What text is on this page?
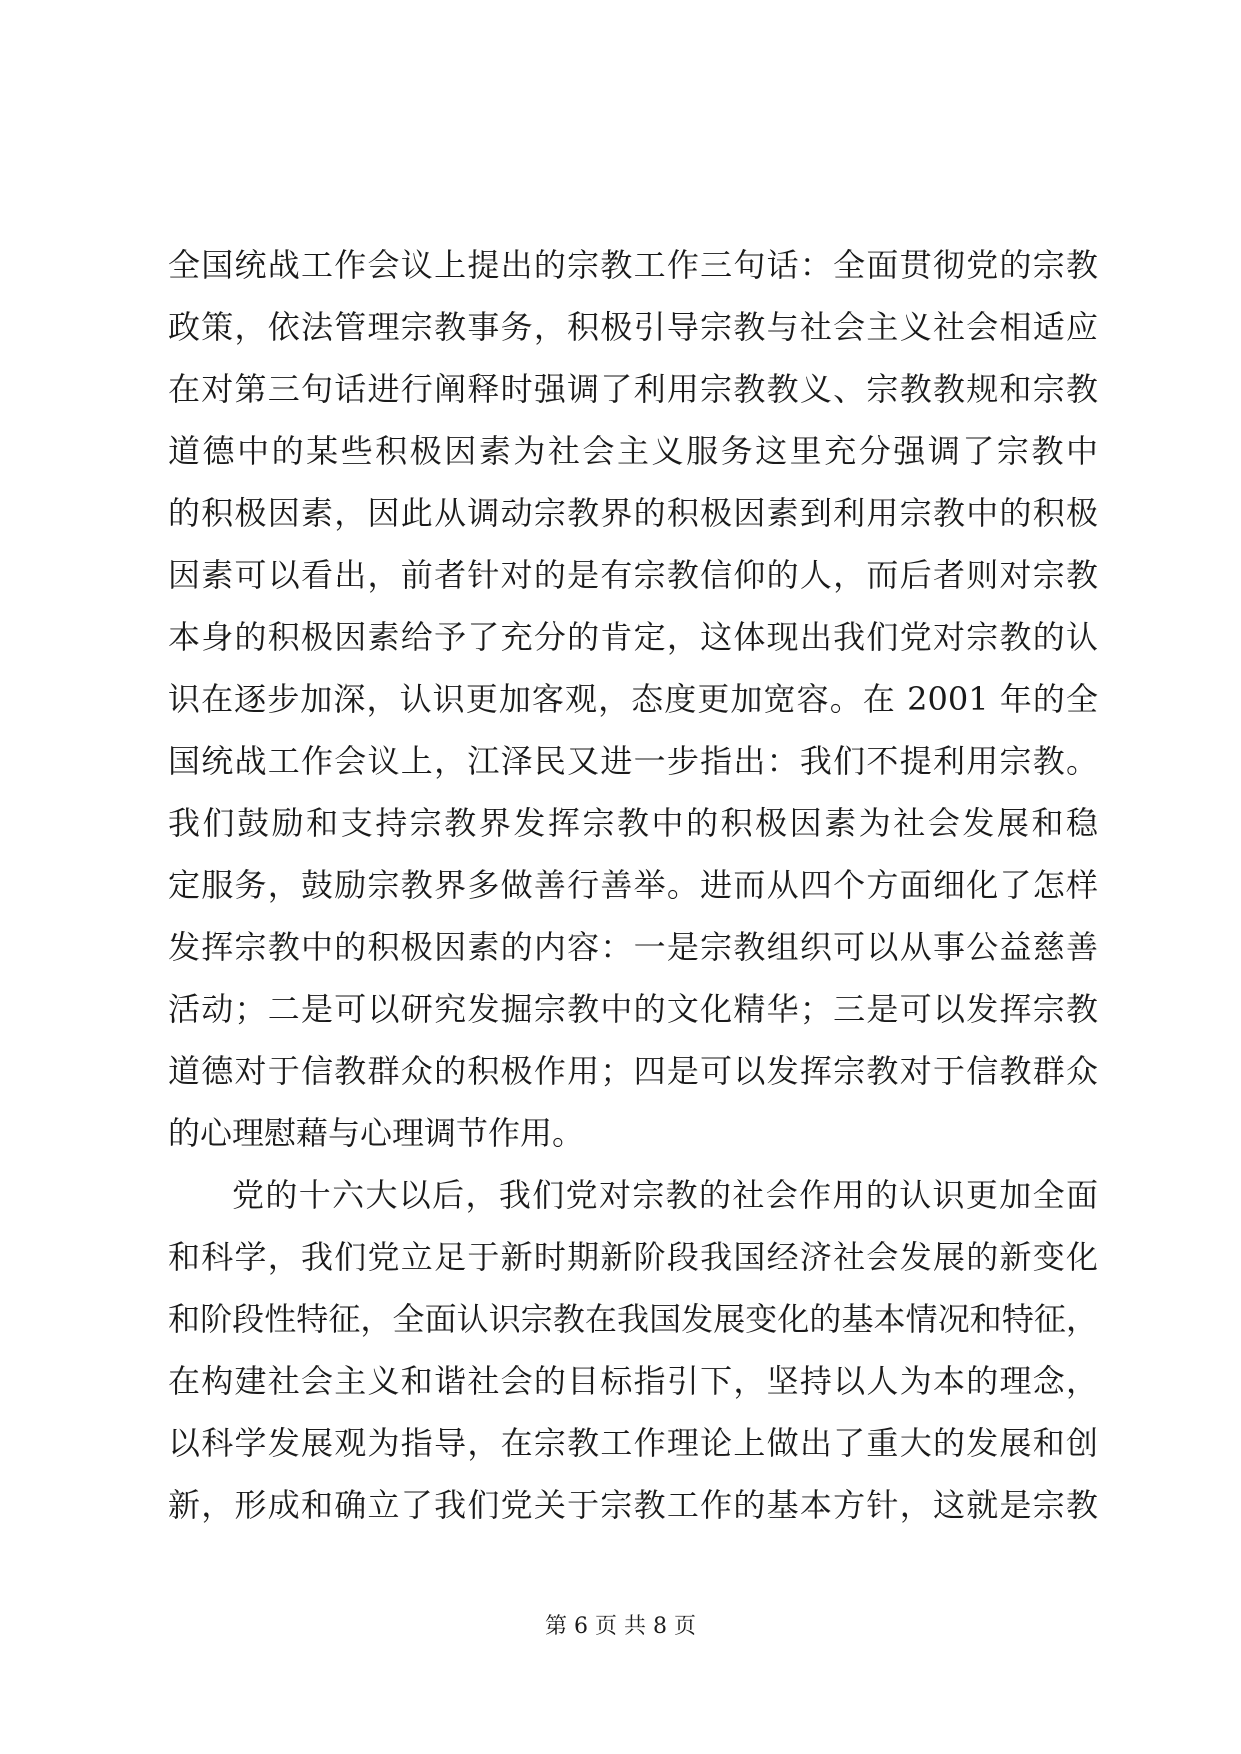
全国统战工作会议上提出的宗教工作三句话：全面贯彻党的宗教
政策，依法管理宗教事务，积极引导宗教与社会主义社会相适应
在对第三句话进行阐释时强调了利用宗教教义、宗教教规和宗教
道德中的某些积极因素为社会主义服务这里充分强调了宗教中
的积极因素，因此从调动宗教界的积极因素到利用宗教中的积极
因素可以看出，前者针对的是有宗教信仰的人，而后者则对宗教
本身的积极因素给予了充分的肯定，这体现出我们党对宗教的认
识在逐步加深，认识更加客观，态度更加宽容。在 2001 年的全
国统战工作会议上，江泽民又进一步指出：我们不提利用宗教。
我们鼓励和支持宗教界发挥宗教中的积极因素为社会发展和稳
定服务，鼓励宗教界多做善行善举。进而从四个方面细化了怎样
发挥宗教中的积极因素的内容：一是宗教组织可以从事公益慈善
活动；二是可以研究发掘宗教中的文化精华；三是可以发挥宗教
道德对于信教群众的积极作用；四是可以发挥宗教对于信教群众
的心理慰藉与心理调节作用。
党的十六大以后，我们党对宗教的社会作用的认识更加全面
和科学，我们党立足于新时期新阶段我国经济社会发展的新变化
和阶段性特征，全面认识宗教在我国发展变化的基本情况和特征，
在构建社会主义和谐社会的目标指引下，坚持以人为本的理念，
以科学发展观为指导，在宗教工作理论上做出了重大的发展和创
新，形成和确立了我们党关于宗教工作的基本方针，这就是宗教
第 6 页 共 8 页
